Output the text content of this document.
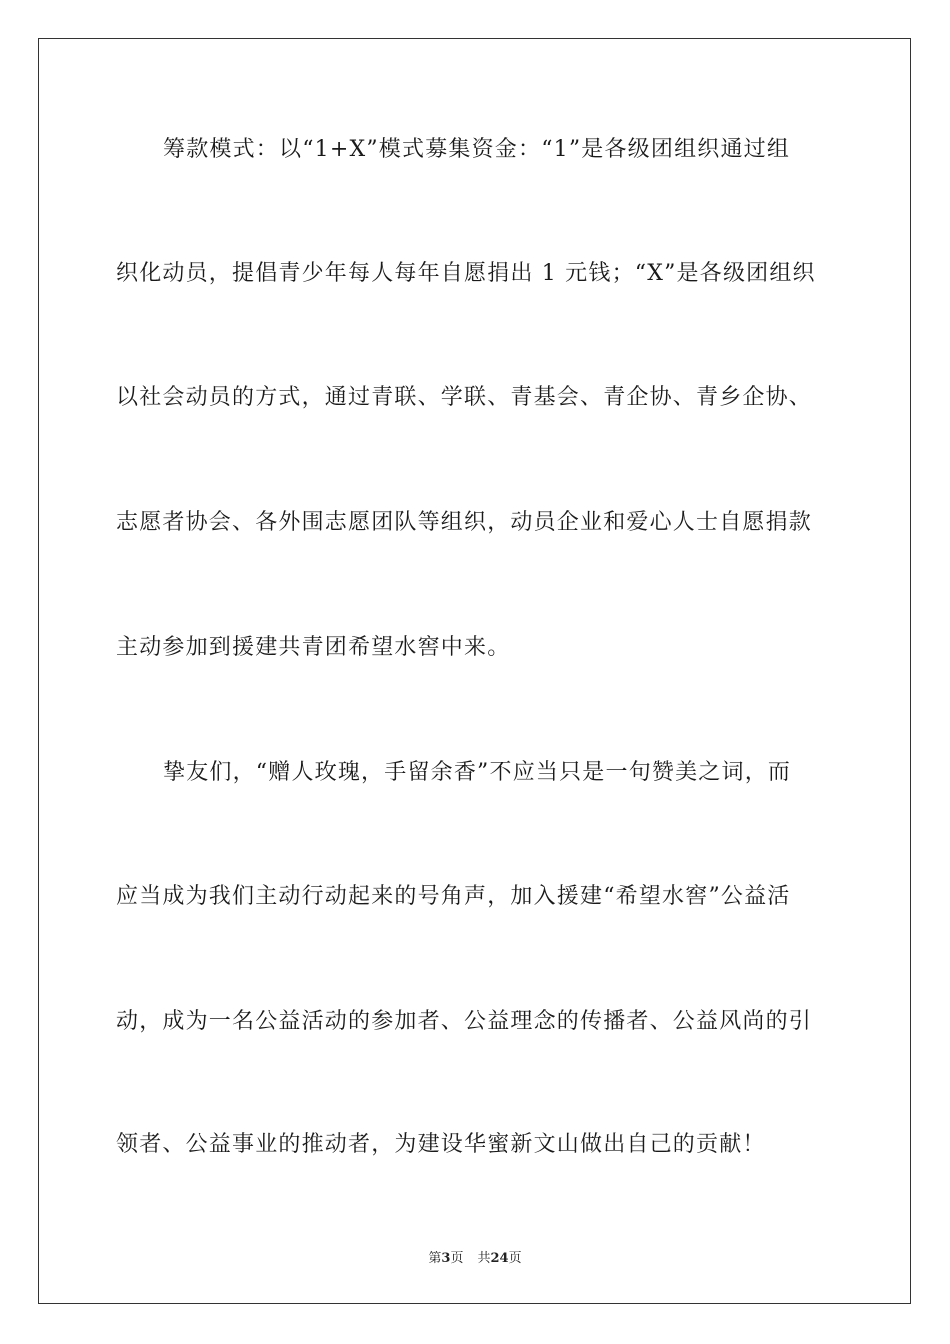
筹款模式：以“1+X”模式募集资金：“1”是各级团组织通过组
织化动员，提倡青少年每人每年自愿捐出 1 元钱；“X”是各级团组织
以社会动员的方式，通过青联、学联、青基会、青企协、青乡企协、
志愿者协会、各外围志愿团队等组织，动员企业和爱心人士自愿捐款
主动参加到援建共青团希望水窖中来。
挚友们，“赠人玫瑰，手留余香”不应当只是一句赞美之词，而
应当成为我们主动行动起来的号角声，加入援建“希望水窖”公益活
动，成为一名公益活动的参加者、公益理念的传播者、公益风尚的引
领者、公益事业的推动者，为建设华蜜新文山做出自己的贡献！
第3页 共24页
